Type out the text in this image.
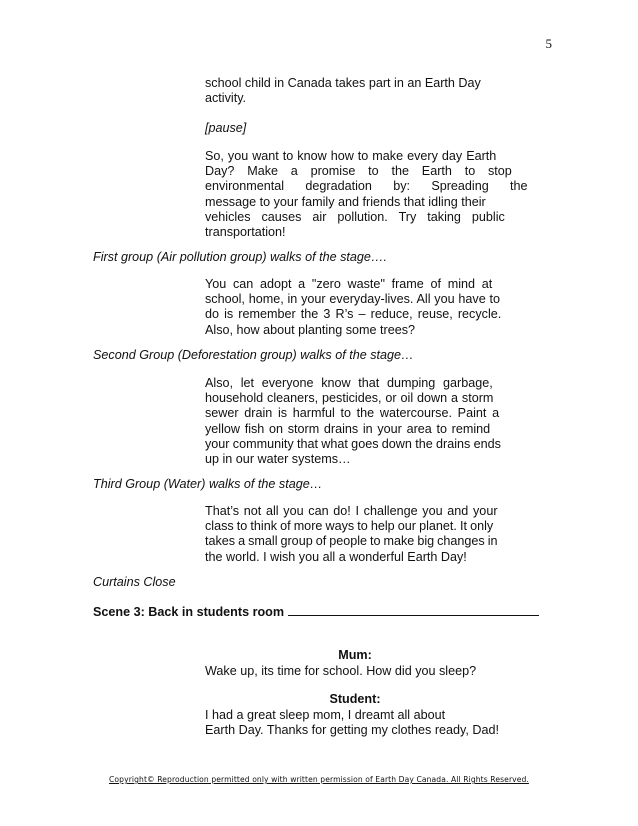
5
school child in Canada takes part in an Earth Day
activity.
[pause]
So, you want to know how to make every day Earth
Day? Make a promise to the Earth to stop
environmental degradation by: Spreading the
message to your family and friends that idling their
vehicles causes air pollution. Try taking public
transportation!
First group (Air pollution group) walks of the stage….
You can adopt a "zero waste" frame of mind at
school, home, in your everyday-lives. All you have to
do is remember the 3 R’s – reduce, reuse, recycle.
Also, how about planting some trees?
Second Group (Deforestation group) walks of the stage…
Also, let everyone know that dumping garbage,
household cleaners, pesticides, or oil down a storm
sewer drain is harmful to the watercourse. Paint a
yellow fish on storm drains in your area to remind
your community that what goes down the drains ends
up in our water systems…
Third Group (Water) walks of the stage…
That’s not all you can do! I challenge you and your
class to think of more ways to help our planet. It only
takes a small group of people to make big changes in
the world. I wish you all a wonderful Earth Day!
Curtains Close
Scene 3: Back in students room
Mum:
Wake up, its time for school. How did you sleep?
Student:
I had a great sleep mom, I dreamt all about
Earth Day. Thanks for getting my clothes ready, Dad!
Copyright© Reproduction permitted only with written permission of Earth Day Canada. All Rights Reserved.
